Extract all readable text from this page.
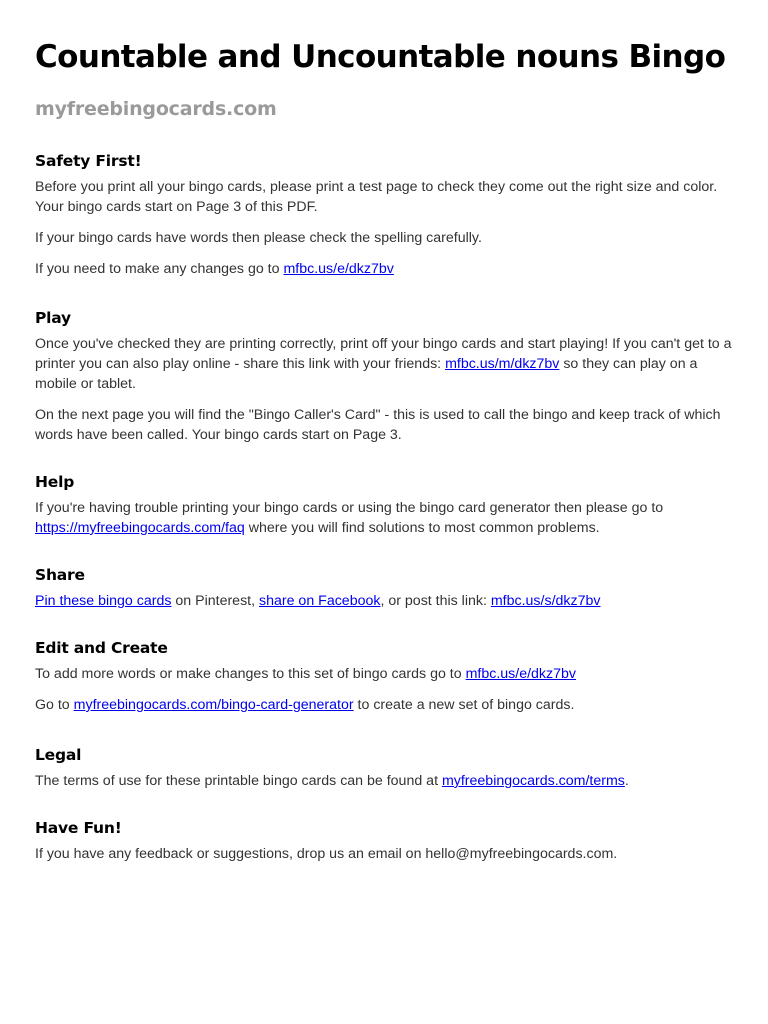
Countable and Uncountable nouns Bingo
myfreebingocards.com
Safety First!

Before you print all your bingo cards, please print a test page to check they come out the right size and color. Your bingo cards start on Page 3 of this PDF.

If your bingo cards have words then please check the spelling carefully.

If you need to make any changes go to mfbc.us/e/dkz7bv

Play

Once you've checked they are printing correctly, print off your bingo cards and start playing! If you can't get to a printer you can also play online - share this link with your friends: mfbc.us/m/dkz7bv so they can play on a mobile or tablet.

On the next page you will find the "Bingo Caller's Card" - this is used to call the bingo and keep track of which words have been called. Your bingo cards start on Page 3.

Help

If you're having trouble printing your bingo cards or using the bingo card generator then please go to https://myfreebingocards.com/faq where you will find solutions to most common problems.

Share

Pin these bingo cards on Pinterest, share on Facebook, or post this link: mfbc.us/s/dkz7bv

Edit and Create

To add more words or make changes to this set of bingo cards go to mfbc.us/e/dkz7bv

Go to myfreebingocards.com/bingo-card-generator to create a new set of bingo cards.

Legal

The terms of use for these printable bingo cards can be found at myfreebingocards.com/terms.

Have Fun!

If you have any feedback or suggestions, drop us an email on hello@myfreebingocards.com.
